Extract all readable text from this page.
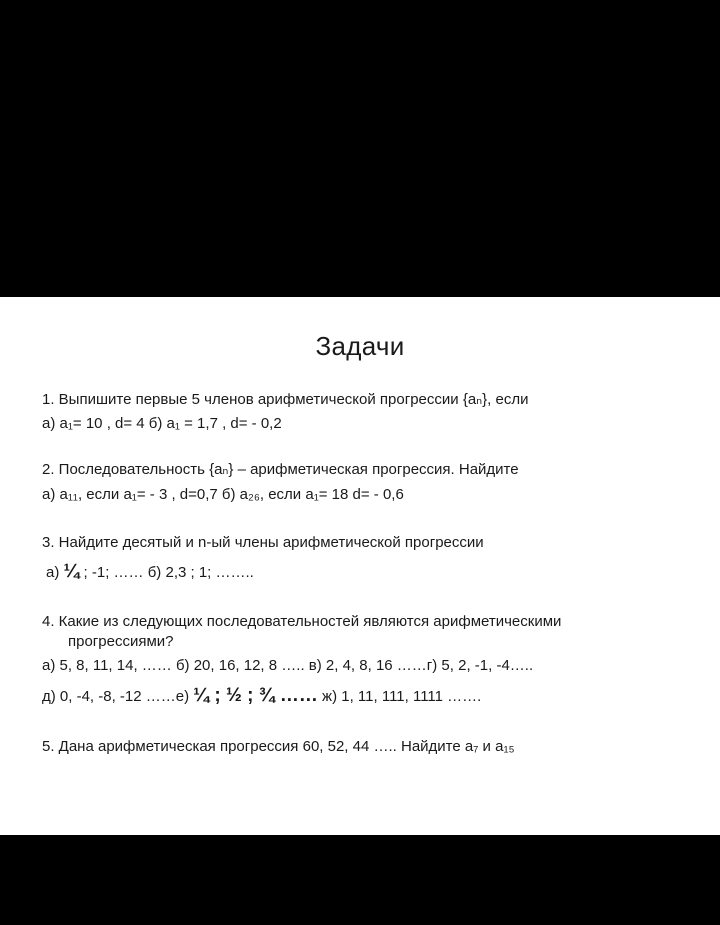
Задачи
1. Выпишите первые 5 членов арифметической прогрессии {aₙ}, если
а) a₁= 10 , d= 4 б) a₁ = 1,7 , d= - 0,2
2. Последовательность {aₙ} – арифметическая прогрессия. Найдите
а) a₁₁, если a₁= - 3 , d=0,7 б) a₂₆, если a₁= 18 d= - 0,6
3. Найдите десятый и n-ый члены арифметической прогрессии
а) ¼ ; -1; …… б) 2,3 ; 1; ……..
4. Какие из следующих последовательностей являются арифметическими
прогрессиями?
а) 5, 8, 11, 14, …… б) 20, 16, 12, 8 ….. в) 2, 4, 8, 16 ……г) 5, 2, -1, -4…..
д) 0, -4, -8, -12 ……е) ¼ ; ½ ; ¾ …… ж) 1, 11, 111, 1111 …….
5. Дана арифметическая прогрессия 60, 52, 44 ….. Найдите a₇ и a₁₅
